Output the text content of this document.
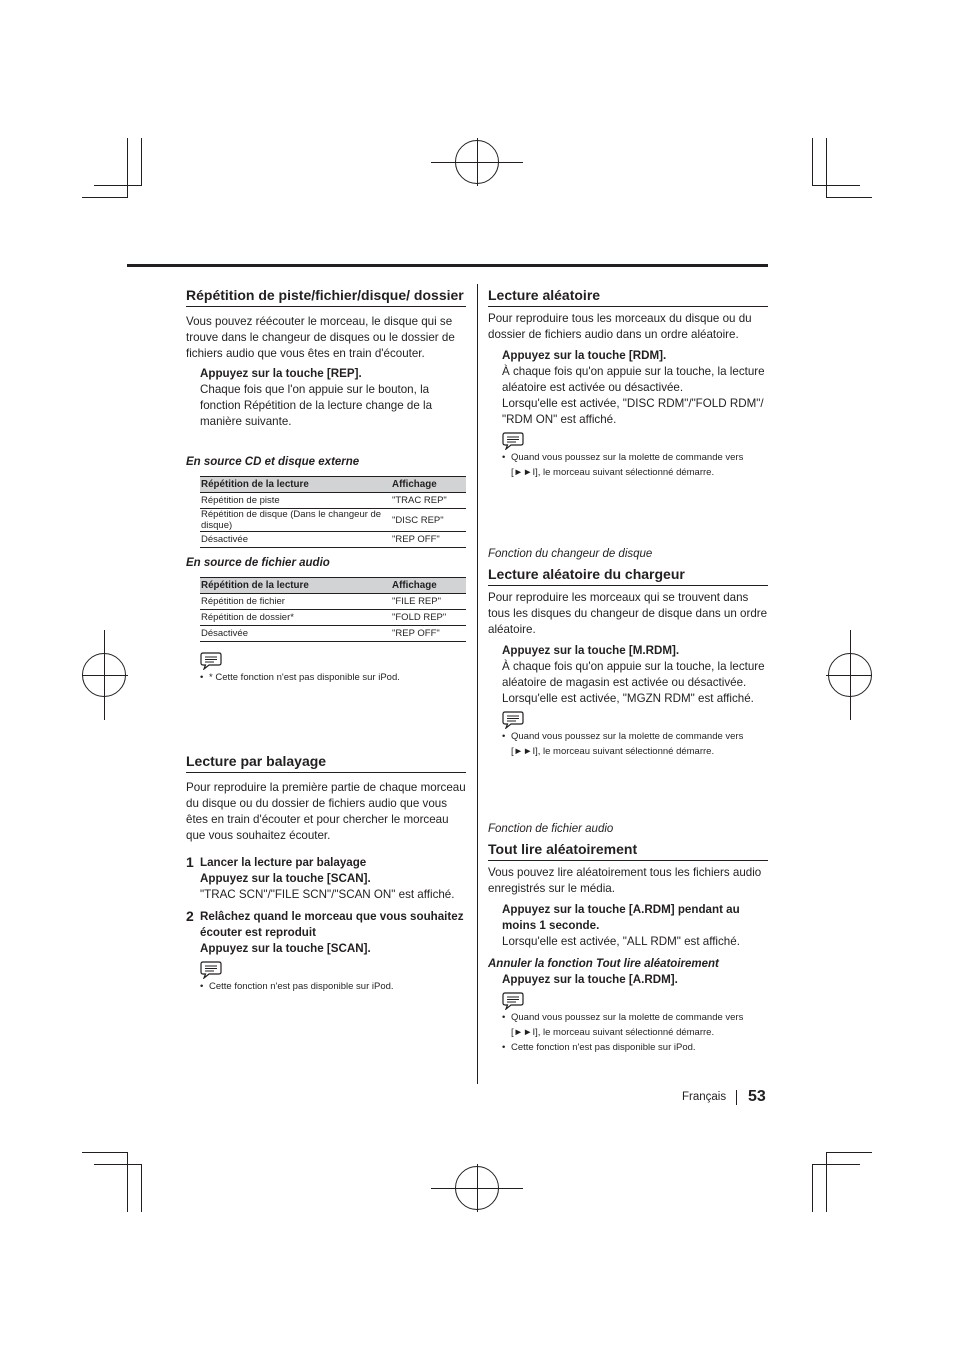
Répétition de piste/fichier/disque/ dossier

Vous pouvez réécouter le morceau, le disque qui se trouve dans le changeur de disques ou le dossier de fichiers audio que vous êtes en train d'écouter.

Appuyez sur la touche [REP].
Chaque fois que l'on appuie sur le bouton, la fonction Répétition de la lecture change de la manière suivante.
En source CD et disque externe
Répétition de la lecture	Affichage
Répétition de piste	"TRAC REP"
Répétition de disque (Dans le changeur de disque)	"DISC REP"
Désactivée	"REP OFF"
En source de fichier audio
Répétition de la lecture	Affichage
Répétition de fichier	"FILE REP"
Répétition de dossier*	"FOLD REP"
Désactivée	"REP OFF"
• * Cette fonction n'est pas disponible sur iPod.
Lecture par balayage

Pour reproduire la première partie de chaque morceau du disque ou du dossier de fichiers audio que vous êtes en train d'écouter et pour chercher le morceau que vous souhaitez écouter.

1 Lancer la lecture par balayage
Appuyez sur la touche [SCAN].
"TRAC SCN"/"FILE SCN"/"SCAN ON" est affiché.
2 Relâchez quand le morceau que vous souhaitez écouter est reproduit
Appuyez sur la touche [SCAN].
• Cette fonction n'est pas disponible sur iPod.
Lecture aléatoire

Pour reproduire tous les morceaux du disque ou du dossier de fichiers audio dans un ordre aléatoire.

Appuyez sur la touche [RDM].
À chaque fois qu'on appuie sur la touche, la lecture aléatoire est activée ou désactivée.
Lorsqu'elle est activée, "DISC RDM"/"FOLD RDM"/ "RDM ON" est affiché.
• Quand vous poussez sur la molette de commande vers [►►I], le morceau suivant sélectionné démarre.
Fonction du changeur de disque
Lecture aléatoire du chargeur

Pour reproduire les morceaux qui se trouvent dans tous les disques du changeur de disque dans un ordre aléatoire.

Appuyez sur la touche [M.RDM].
À chaque fois qu'on appuie sur la touche, la lecture aléatoire de magasin est activée ou désactivée.
Lorsqu'elle est activée, "MGZN RDM" est affiché.
• Quand vous poussez sur la molette de commande vers [►►I], le morceau suivant sélectionné démarre.
Fonction de fichier audio
Tout lire aléatoirement

Vous pouvez lire aléatoirement tous les fichiers audio enregistrés sur le média.

Appuyez sur la touche [A.RDM] pendant au moins 1 seconde.
Lorsqu'elle est activée, "ALL RDM" est affiché.
Annuler la fonction Tout lire aléatoirement
Appuyez sur la touche [A.RDM].
• Quand vous poussez sur la molette de commande vers [►►I], le morceau suivant sélectionné démarre.
• Cette fonction n'est pas disponible sur iPod.
Français 53
